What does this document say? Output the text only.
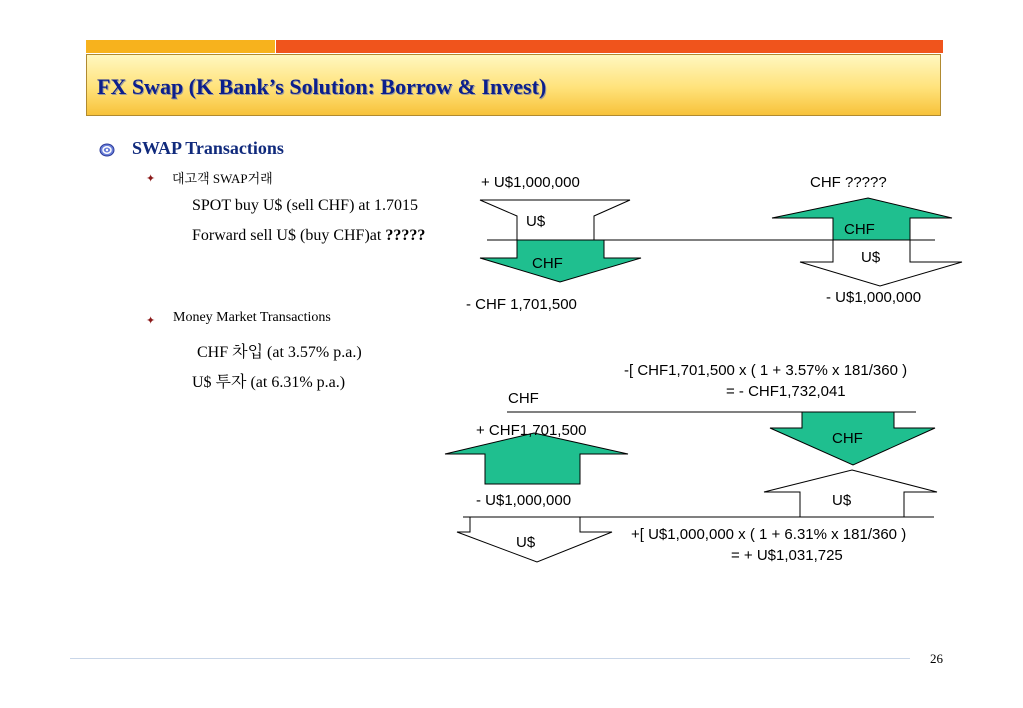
FX Swap (K Bank’s Solution: Borrow & Invest)
SWAP Transactions
✦ 대고객 SWAP거래
SPOT buy U$ (sell CHF) at 1.7015
Forward sell U$ (buy CHF)at ?????
✦ Money Market Transactions
CHF 차입 (at 3.57% p.a.)
U$ 투자 (at 6.31% p.a.)
+ U$1,000,000
U$
CHF
- CHF 1,701,500
CHF ?????
CHF
U$
- U$1,000,000
CHF
-[ CHF1,701,500 x ( 1 + 3.57% x 181/360 )
= - CHF1,732,041
+ CHF1,701,500	CHF
- U$1,000,000	U$
U$	+[ U$1,000,000 x ( 1 + 6.31% x 181/360 )
= + U$1,031,725
26
